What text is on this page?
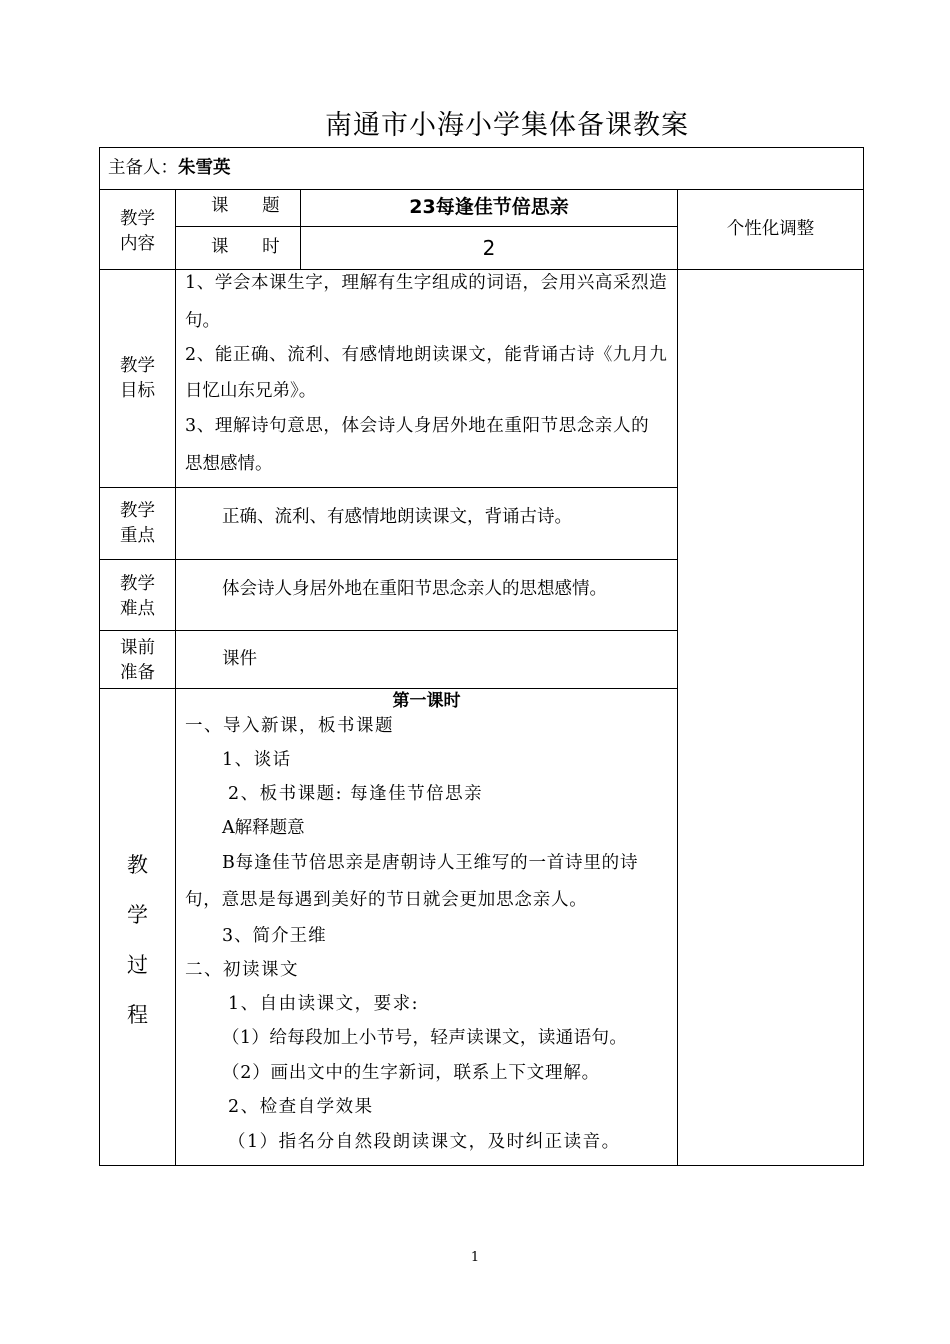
南通市小海小学集体备课教案
主备人：朱雪英
教学
内容
课 题	23每逢佳节倍思亲
课 时	2
个性化调整
教学
目标
1、学会本课生字，理解有生字组成的词语，会用兴高采烈造
句。
2、能正确、流利、有感情地朗读课文，能背诵古诗《九月九
日忆山东兄弟》。
3、理解诗句意思，体会诗人身居外地在重阳节思念亲人的
思想感情。
教学
重点
正确、流利、有感情地朗读课文，背诵古诗。
教学
难点
体会诗人身居外地在重阳节思念亲人的思想感情。
课前
准备
课件
教
学
过
程
第一课时
一、导入新课，板书课题
1、谈话
2、板书课题: 每逢佳节倍思亲
A解释题意
B每逢佳节倍思亲是唐朝诗人王维写的一首诗里的诗
句，意思是每遇到美好的节日就会更加思念亲人。
3、简介王维
二、初读课文
1、自由读课文，要求:
（1）给每段加上小节号，轻声读课文，读通语句。
（2）画出文中的生字新词，联系上下文理解。
2、检查自学效果
（1）指名分自然段朗读课文，及时纠正读音。
1
